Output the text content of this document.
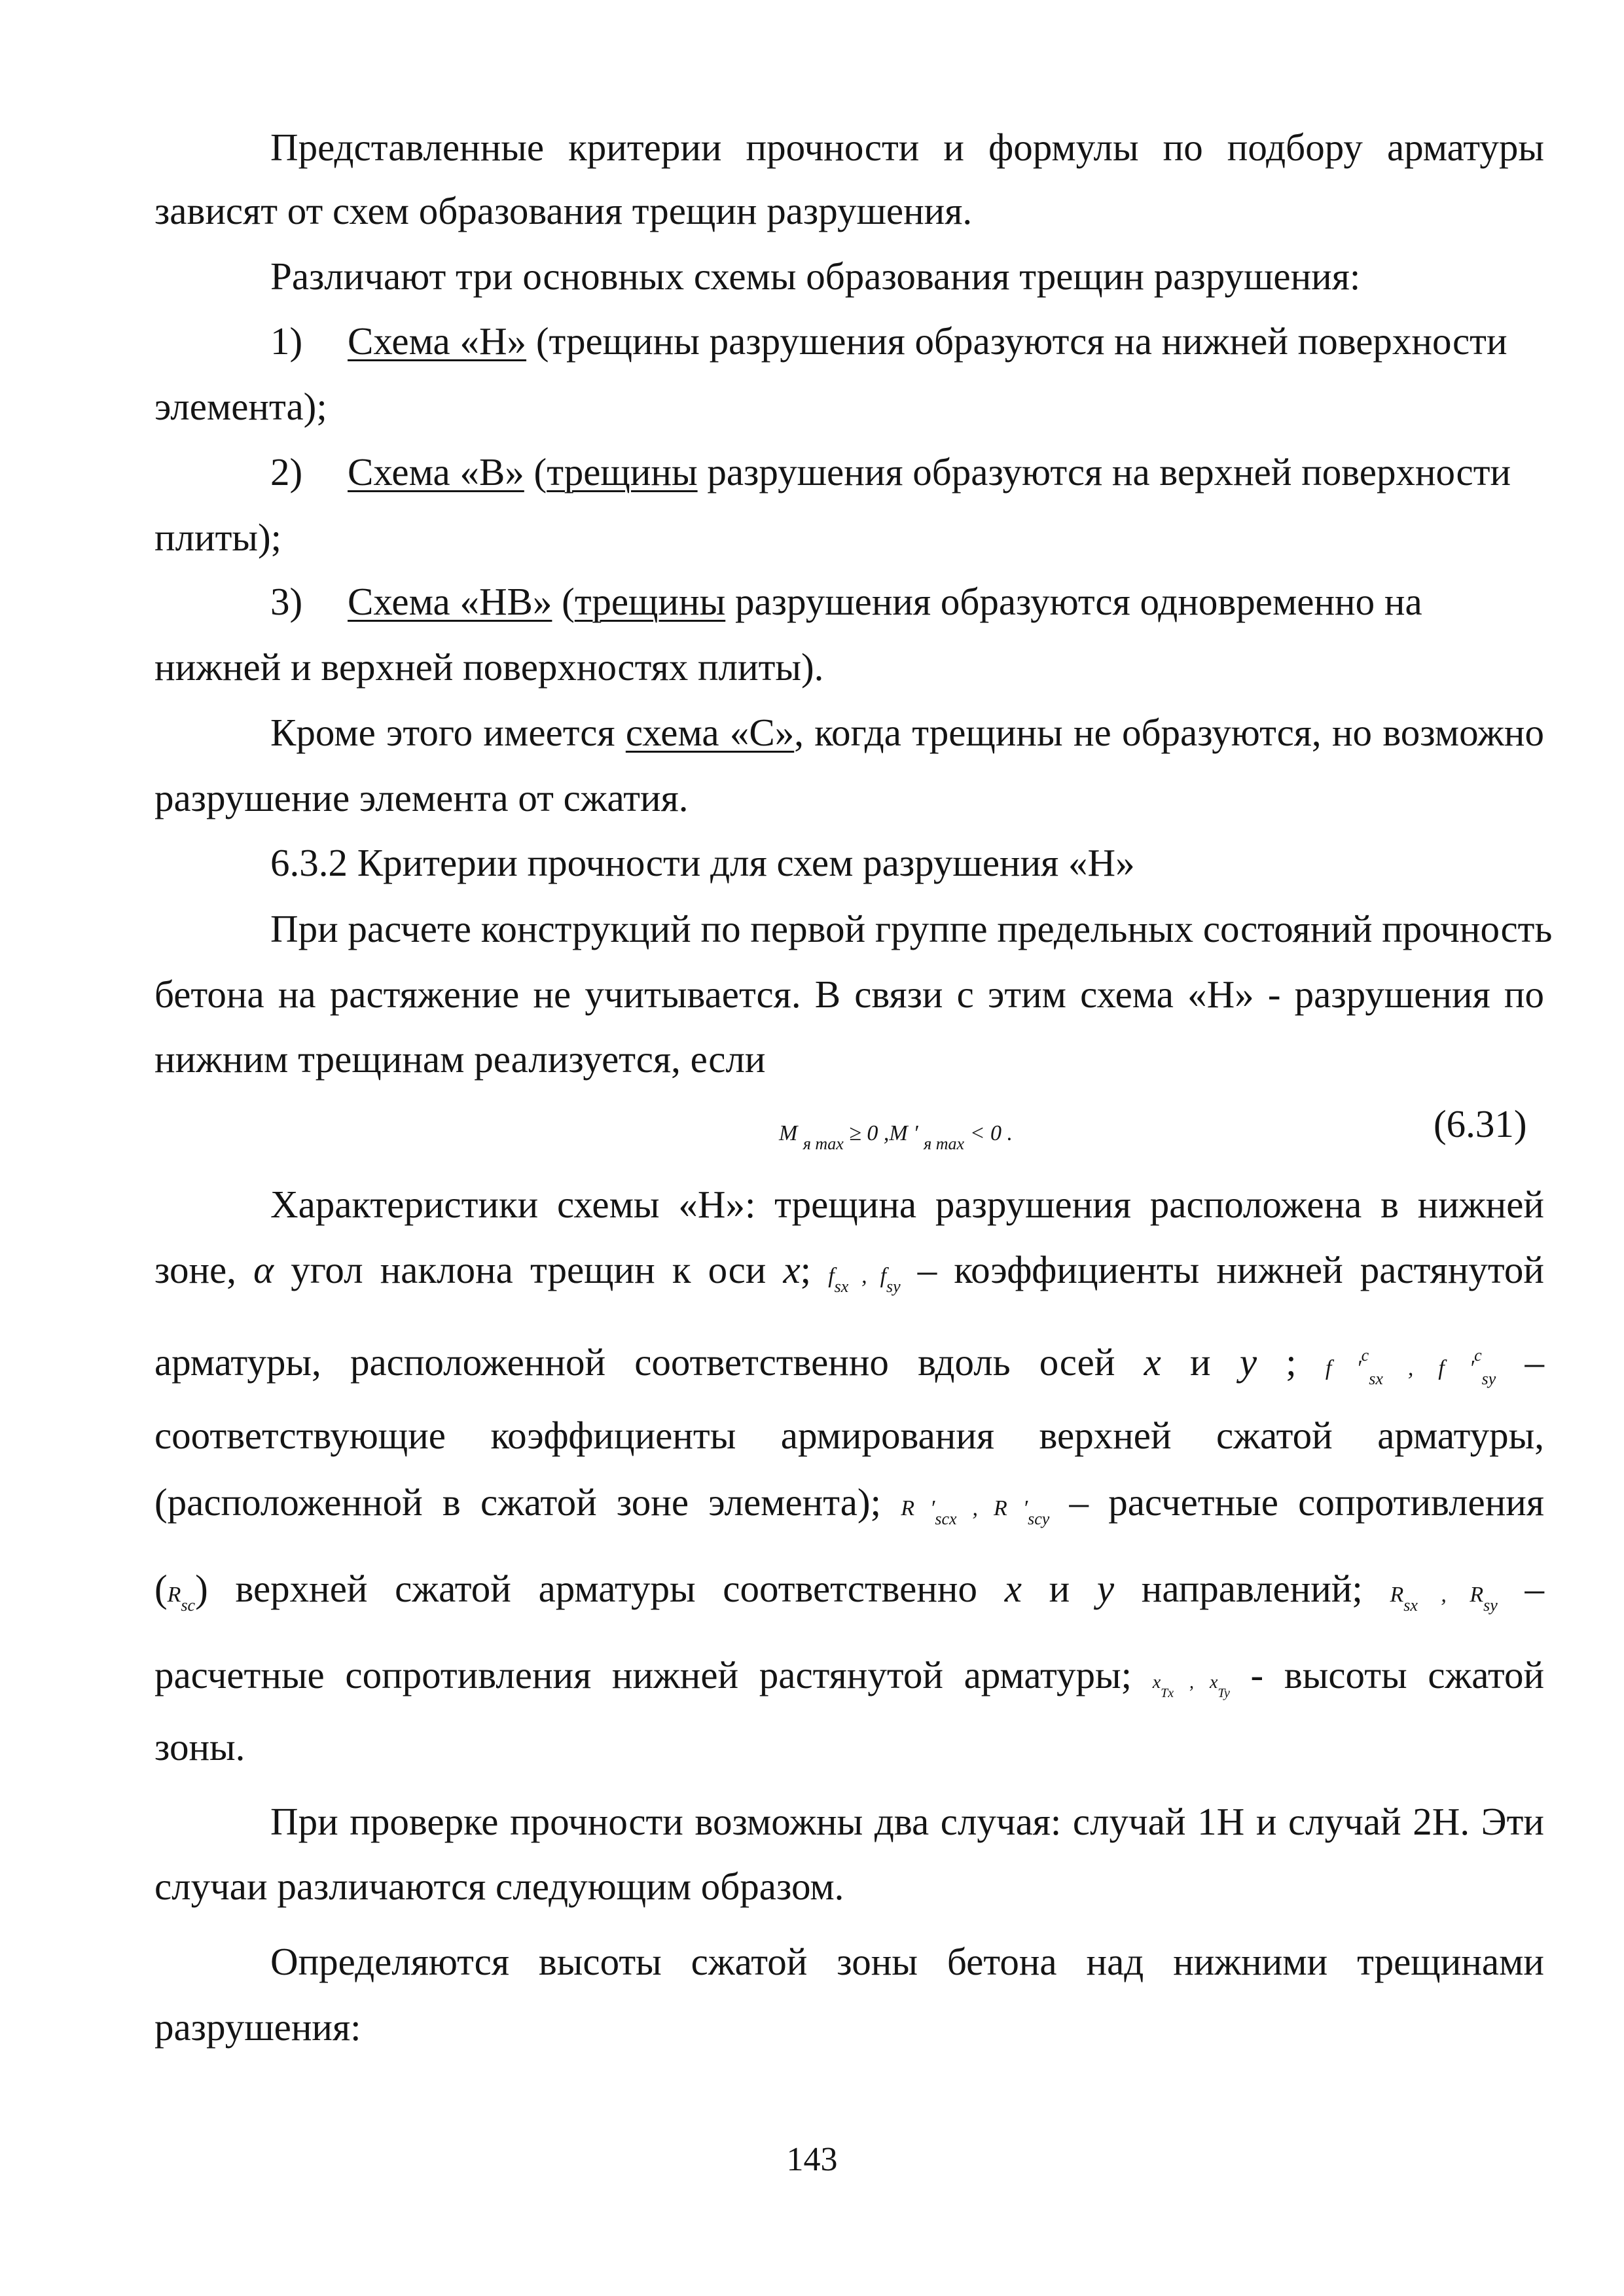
Представленные критерии прочности и формулы по подбору арматуры
зависят от схем образования трещин разрушения.
Различают три основных схемы образования трещин разрушения:
1) Схема «Н» (трещины разрушения образуются на нижней поверхности
элемента);
2) Схема «В» (трещины разрушения образуются на верхней поверхности
плиты);
3) Схема «НВ» (трещины разрушения образуются одновременно на
нижней и верхней поверхностях плиты).
Кроме этого имеется схема «С», когда трещины не образуются, но возможно
разрушение элемента от сжатия.
6.3.2 Критерии прочности для схем разрушения «Н»
При расчете конструкций по первой группе предельных состояний прочность
бетона на растяжение не учитывается. В связи с этим схема «Н» - разрушения по
нижним трещинам реализуется, если
M $_{я max}$ ≥ 0 ,M ′ $_{я max}$ < 0 .	(6.31)
Характеристики схемы «Н»: трещина разрушения расположена в нижней
зоне, α угол наклона трещин к оси x; $f_{sx}$ , $f_{sy}$ – коэффициенты нижней растянутой
арматуры, расположенной соответственно вдоль осей x и y ; f $'^c_{sx}$ , f $'^c_{sy}$ –
соответствующие коэффициенты армирования верхней сжатой арматуры,
(расположенной в сжатой зоне элемента); R $'_{scx}$ , R $'_{scy}$ – расчетные сопротивления
$(R_{sc})$ верхней сжатой арматуры соответственно x и y направлений; $R_{sx}$ , $R_{sy}$ –
расчетные сопротивления нижней растянутой арматуры; $x_{Tx}$ , $x_{Ty}$ - высоты сжатой
зоны.
При проверке прочности возможны два случая: случай 1Н и случай 2Н. Эти
случаи различаются следующим образом.
Определяются высоты сжатой зоны бетона над нижними трещинами
разрушения:
143
